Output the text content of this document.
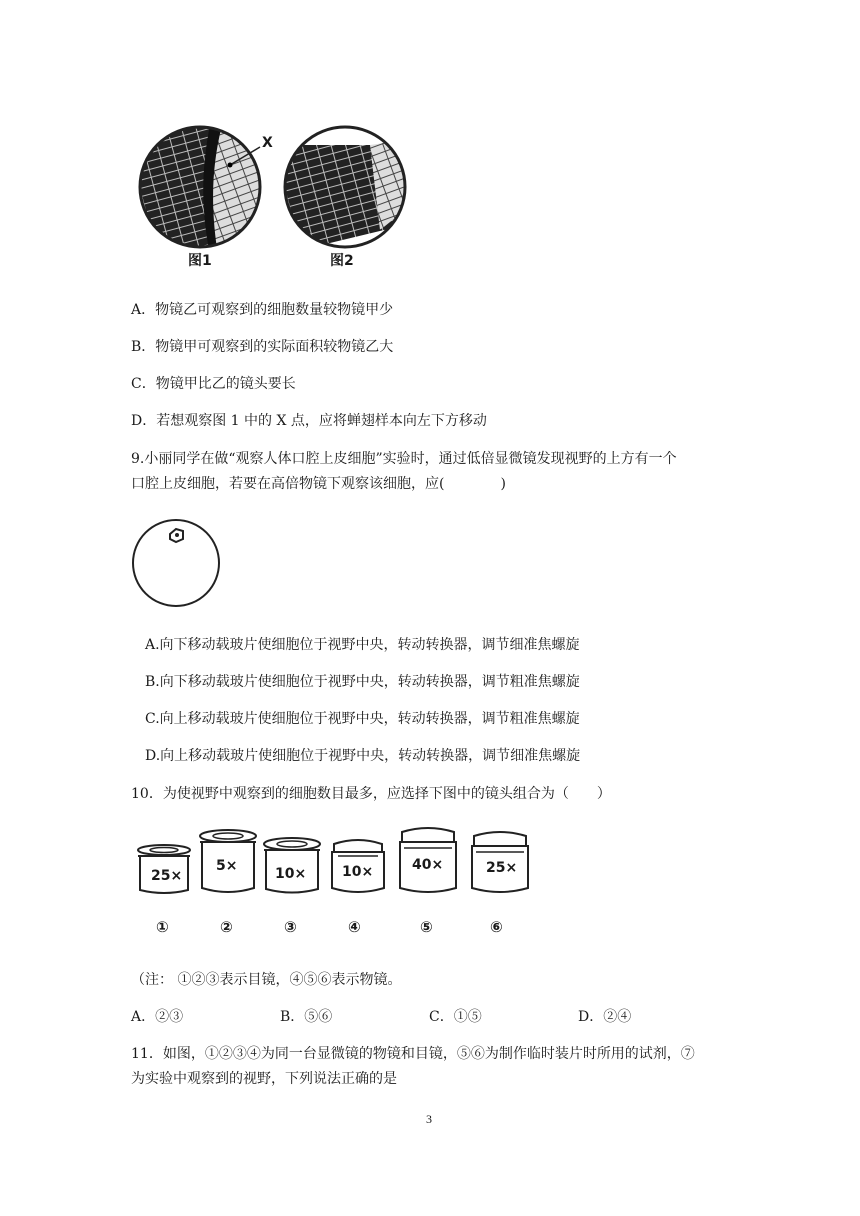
X
图1	图2
A．物镜乙可观察到的细胞数量较物镜甲少
B．物镜甲可观察到的实际面积较物镜乙大
C．物镜甲比乙的镜头要长
D．若想观察图 1 中的 X 点，应将蝉翅样本向左下方移动
9.小丽同学在做“观察人体口腔上皮细胞”实验时，通过低倍显微镜发现视野的上方有一个
口腔上皮细胞，若要在高倍物镜下观察该细胞，应(　　　　)
A.向下移动载玻片使细胞位于视野中央，转动转换器，调节细准焦螺旋
B.向下移动载玻片使细胞位于视野中央，转动转换器，调节粗准焦螺旋
C.向上移动载玻片使细胞位于视野中央，转动转换器，调节粗准焦螺旋
D.向上移动载玻片使细胞位于视野中央，转动转换器，调节细准焦螺旋
10．为使视野中观察到的细胞数目最多，应选择下图中的镜头组合为（　　）
25×
5×	10×	10×	40×	25×
①	②	③	④	⑤	⑥
（注： ①②③表示目镜，④⑤⑥表示物镜。
A．②③	B．⑤⑥	C．①⑤	D．②④
11．如图，①②③④为同一台显微镜的物镜和目镜，⑤⑥为制作临时装片时所用的试剂，⑦
为实验中观察到的视野，下列说法正确的是
3
